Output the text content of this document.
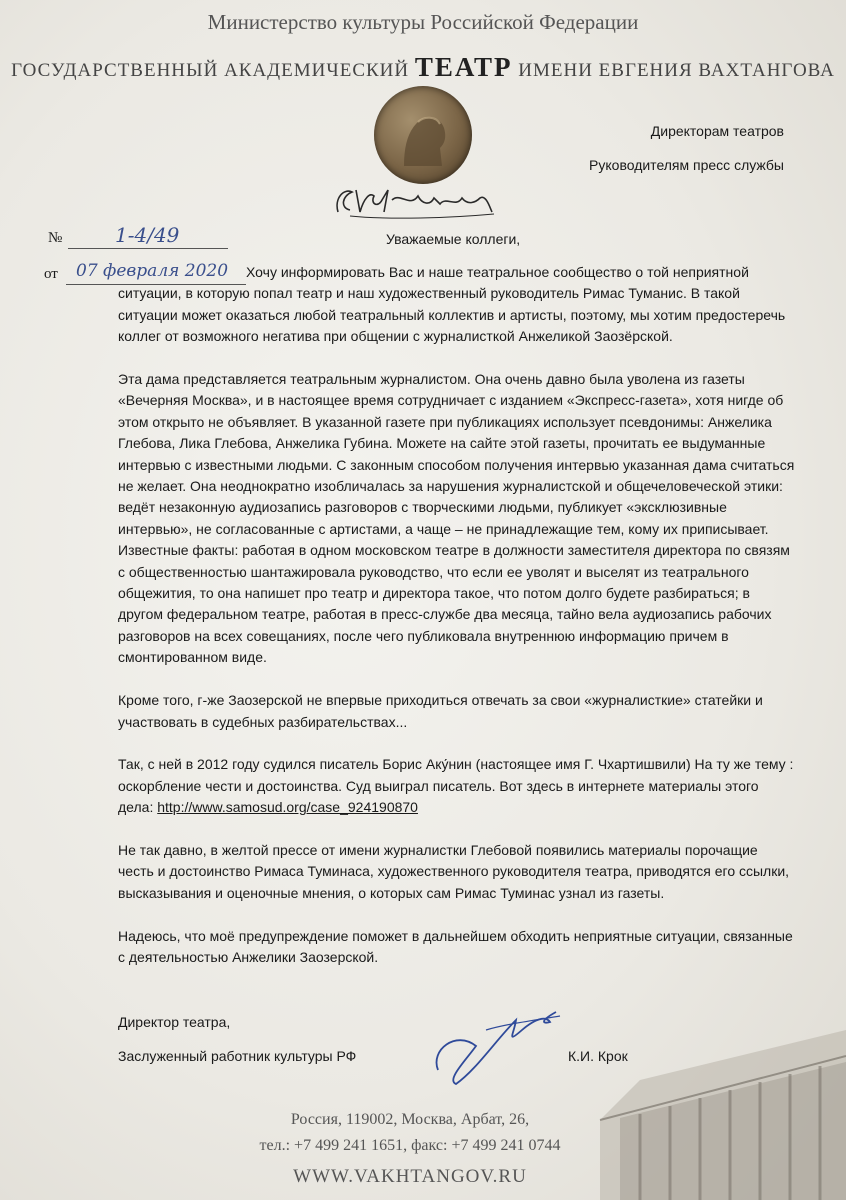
Министерство культуры Российской Федерации
ГОСУДАРСТВЕННЫЙ АКАДЕМИЧЕСКИЙ ТЕАТР ИМЕНИ ЕВГЕНИЯ ВАХТАНГОВА
Директорам театров
Руководителям пресс службы
№	1-4/49
от 07 февраля 2020
Уважаемые коллеги,

Хочу информировать Вас и наше театральное сообщество о той неприятной ситуации, в которую попал театр и наш художественный руководитель Римас Туманис. В такой ситуации может оказаться любой театральный коллектив и артисты, поэтому, мы хотим предостеречь коллег от возможного негатива при общении с журналисткой Анжеликой Заозёрской.

Эта дама представляется театральным журналистом. Она очень давно была уволена из газеты «Вечерняя Москва», и в настоящее время сотрудничает с изданием «Экспресс-газета», хотя нигде об этом открыто не объявляет. В указанной газете при публикациях использует псевдонимы: Анжелика Глебова, Лика Глебова, Анжелика Губина. Можете на сайте этой газеты, прочитать ее выдуманные интервью с известными людьми. С законным способом получения интервью указанная дама считаться не желает. Она неоднократно изобличалась за нарушения журналистской и общечеловеческой этики: ведёт незаконную аудиозапись разговоров с творческими людьми, публикует «эксклюзивные интервью», не согласованные с артистами, а чаще – не принадлежащие тем, кому их приписывает. Известные факты: работая в одном московском театре в должности заместителя директора по связям с общественностью шантажировала руководство, что если ее уволят и выселят из театрального общежития, то она напишет про театр и директора такое, что потом долго будете разбираться; в другом федеральном театре, работая в пресс-службе два месяца, тайно вела аудиозапись рабочих разговоров на всех совещаниях, после чего публиковала внутреннюю информацию причем в смонтированном виде.

Кроме того, г-же Заозерской не впервые приходиться отвечать за свои «журналисткие» статейки и участвовать в судебных разбирательствах...

Так, с ней в 2012 году судился писатель Борис Аку́нин (настоящее имя Г. Чхартишвили) На ту же тему : оскорбление чести и достоинства. Суд выиграл писатель. Вот здесь в интернете материалы этого дела: http://www.samosud.org/case_924190870

Не так давно, в желтой прессе от имени журналистки Глебовой появились материалы порочащие честь и достоинство Римаса Туминаса, художественного руководителя театра, приводятся его ссылки, высказывания и оценочные мнения, о которых сам Римас Туминас узнал из газеты.

Надеюсь, что моё предупреждение поможет в дальнейшем обходить неприятные ситуации, связанные с деятельностью Анжелики Заозерской.

Директор театра,
Заслуженный работник культуры РФ	К.И. Крок
Россия, 119002, Москва, Арбат, 26,
тел.: +7 499 241 1651, факс: +7 499 241 0744
WWW.VAKHTANGOV.RU
